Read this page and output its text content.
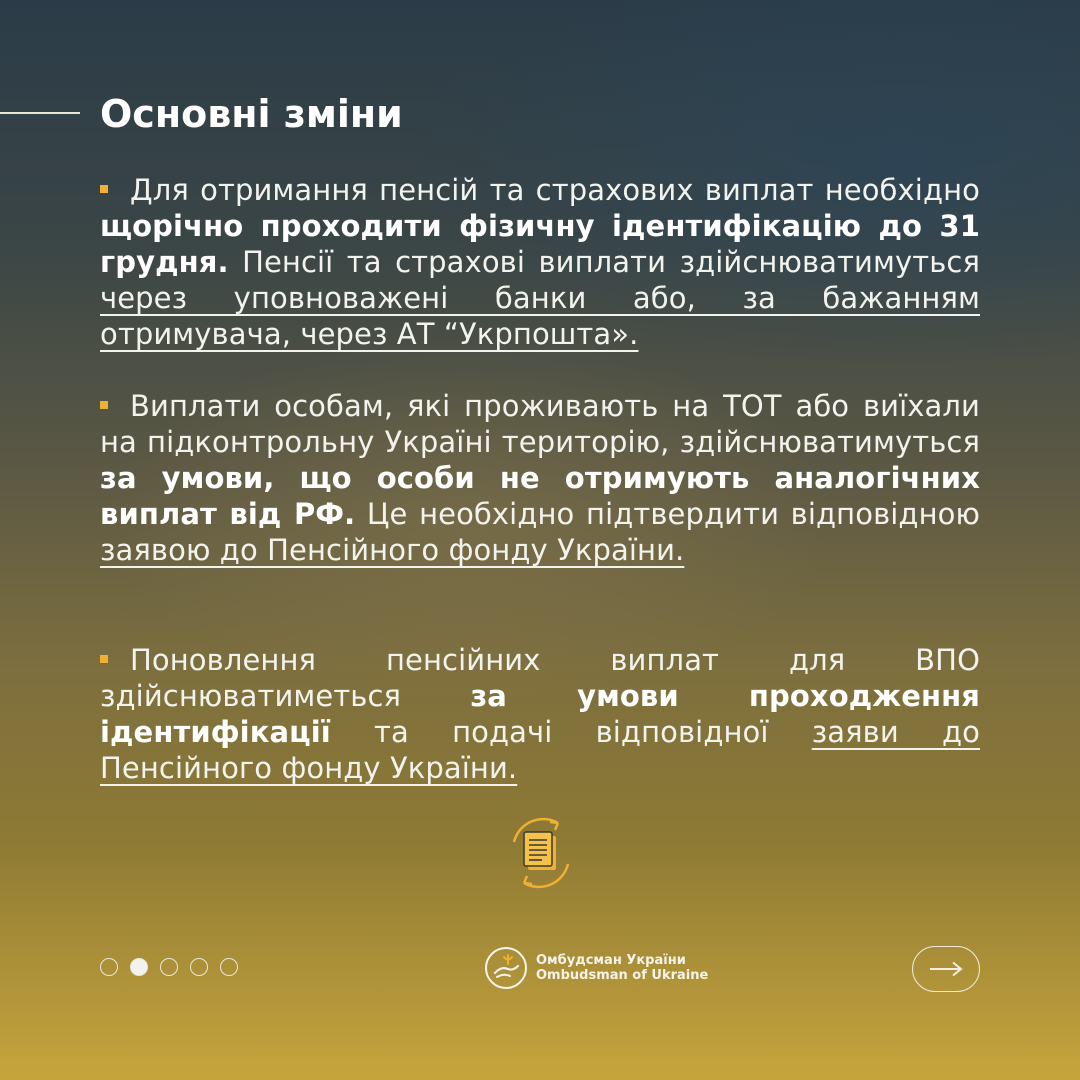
Основні зміни

Для отримання пенсій та страхових виплат необхідно щорічно проходити фізичну ідентифікацію до 31 грудня. Пенсії та страхові виплати здійснюватимуться через уповноважені банки або, за бажанням отримувача, через АТ “Укрпошта».

Виплати особам, які проживають на ТОТ або виїхали на підконтрольну Україні територію, здійснюватимуться за умови, що особи не отримують аналогічних виплат від РФ. Це необхідно підтвердити відповідною заявою до Пенсійного фонду України.

Поновлення пенсійних виплат для ВПО здійснюватиметься за умови проходження ідентифікації та подачі відповідної заяви до Пенсійного фонду України.

Омбудсман України
Ombudsman of Ukraine
